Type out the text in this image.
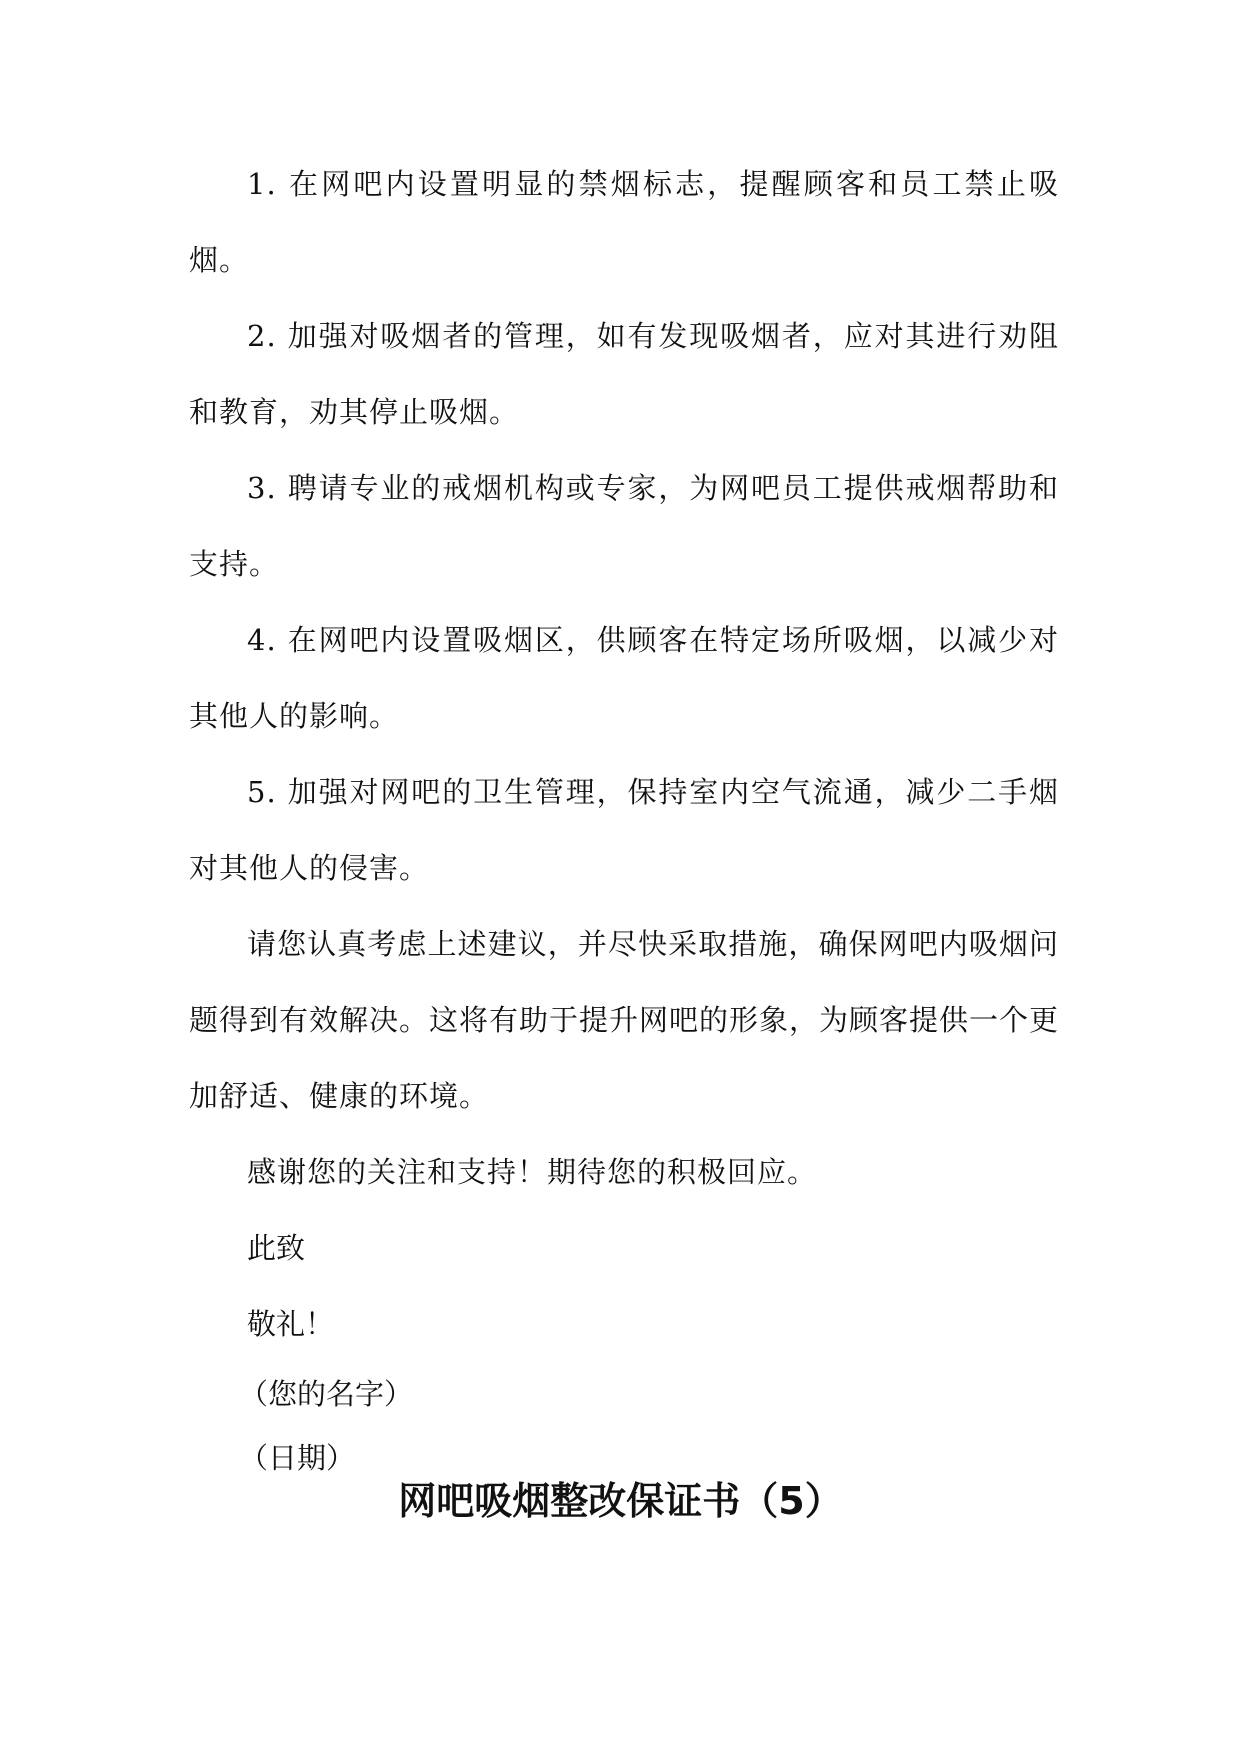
1. 在网吧内设置明显的禁烟标志，提醒顾客和员工禁止吸烟。

2. 加强对吸烟者的管理，如有发现吸烟者，应对其进行劝阻和教育，劝其停止吸烟。

3. 聘请专业的戒烟机构或专家，为网吧员工提供戒烟帮助和支持。

4. 在网吧内设置吸烟区，供顾客在特定场所吸烟，以减少对其他人的影响。

5. 加强对网吧的卫生管理，保持室内空气流通，减少二手烟对其他人的侵害。

请您认真考虑上述建议，并尽快采取措施，确保网吧内吸烟问题得到有效解决。这将有助于提升网吧的形象，为顾客提供一个更加舒适、健康的环境。

感谢您的关注和支持！期待您的积极回应。

此致

敬礼！

（您的名字）

（日期）

网吧吸烟整改保证书（5）
